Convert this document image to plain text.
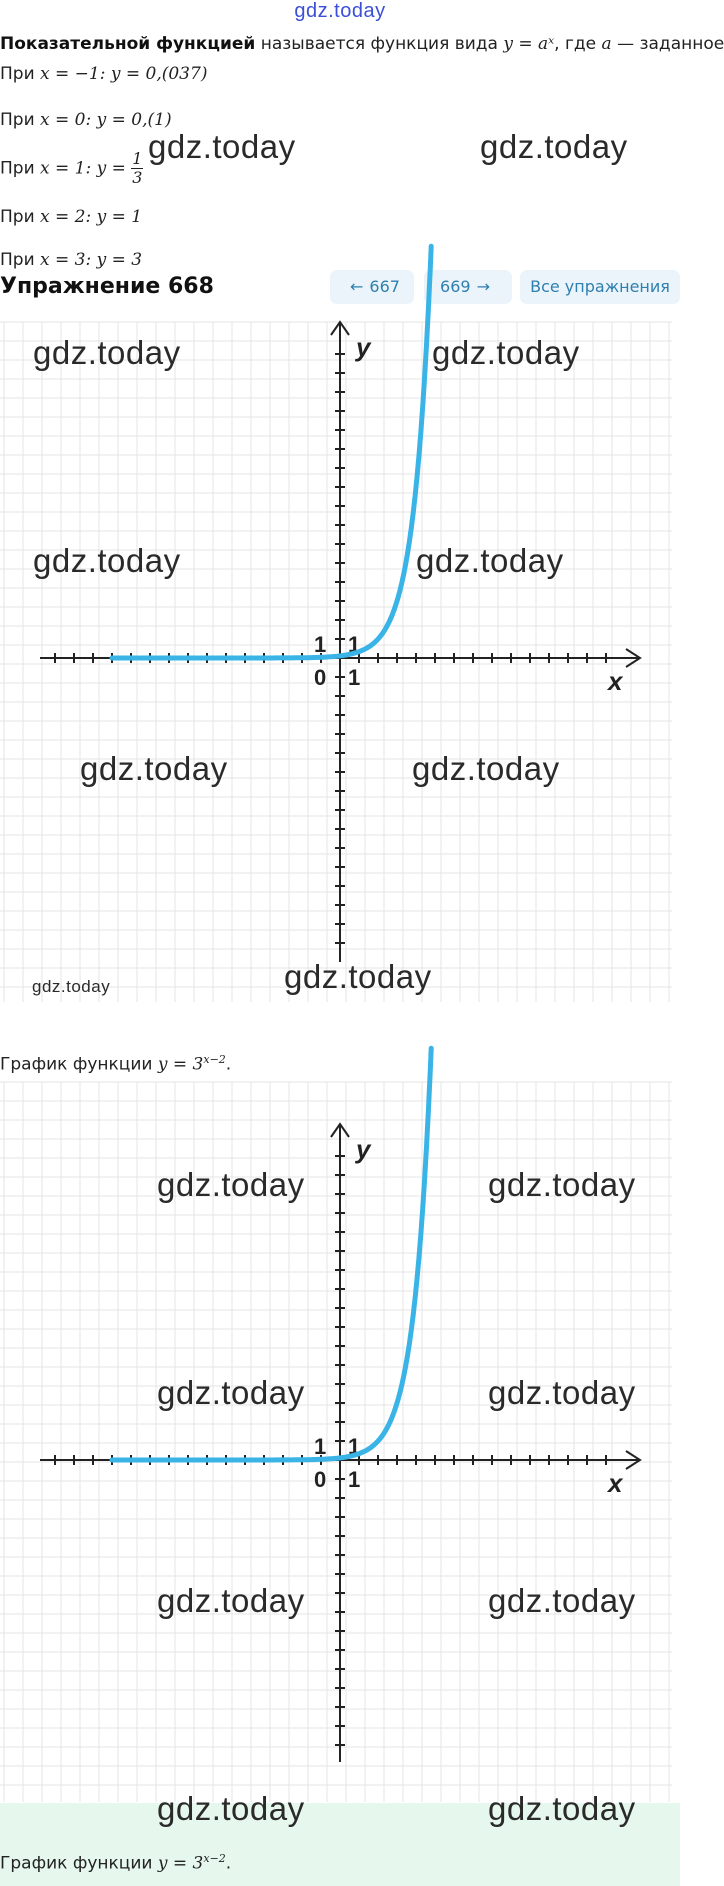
gdz.today
Показательной функцией называется функция вида y = aˣ, где a — заданное
При x = −1: y = 0,(037)
При x = 0: y = 0,(1)
При x = 1: $y = \frac{1}{3}$
При x = 2: y = 1
При x = 3: y = 3
gdz.today	gdz.today
Упражнение 668	← 667	669 →	Все упражнения
y
x
0 1
1 1
gdz.today	gdz.today
gdz.today	gdz.today
gdz.today	gdz.today
gdz.today	gdz.today
График функции $y = 3^{x-2}$.
y
x
0 1
1 1
gdz.today	gdz.today
gdz.today	gdz.today
gdz.today	gdz.today
gdz.today	gdz.today
График функции $y = 3^{x-2}$.
